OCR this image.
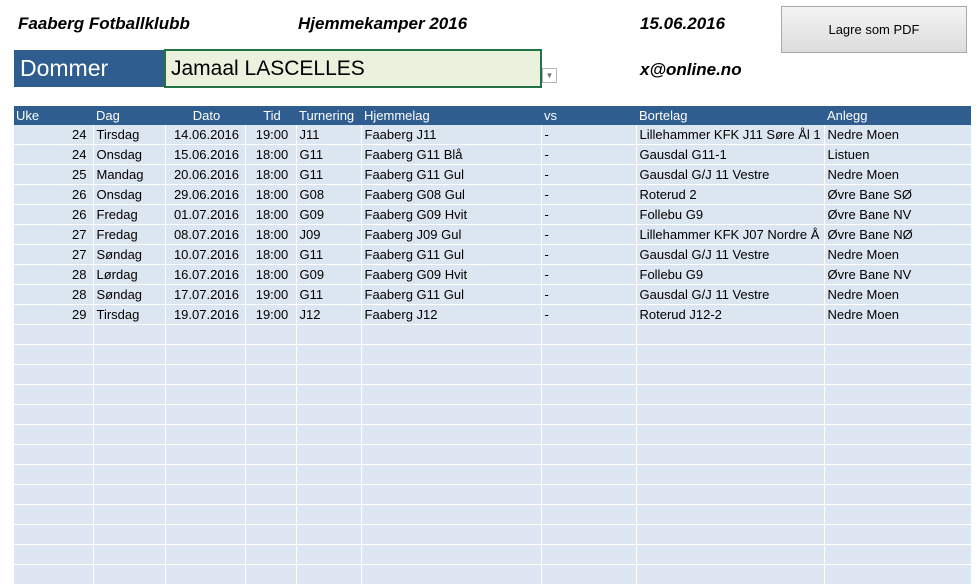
Faaberg Fotballklubb	Hjemmekamper 2016	15.06.2016
x@online.no
Lagre som PDF
Dommer	Jamaal LASCELLES	▼
Uke	Dag	Dato	Tid	Turnering	Hjemmelag	vs	Bortelag	Anlegg
24	Tirsdag	14.06.2016	19:00	J11	Faaberg J11	-	Lillehammer KFK J11 Søre Ål 1	Nedre Moen
24	Onsdag	15.06.2016	18:00	G11	Faaberg G11 Blå	-	Gausdal G11-1	Listuen
25	Mandag	20.06.2016	18:00	G11	Faaberg G11 Gul	-	Gausdal G/J 11 Vestre	Nedre Moen
26	Onsdag	29.06.2016	18:00	G08	Faaberg G08 Gul	-	Roterud 2	Øvre Bane SØ
26	Fredag	01.07.2016	18:00	G09	Faaberg G09 Hvit	-	Follebu G9	Øvre Bane NV
27	Fredag	08.07.2016	18:00	J09	Faaberg J09 Gul	-	Lillehammer KFK J07 Nordre Å	Øvre Bane NØ
27	Søndag	10.07.2016	18:00	G11	Faaberg G11 Gul	-	Gausdal G/J 11 Vestre	Nedre Moen
28	Lørdag	16.07.2016	18:00	G09	Faaberg G09 Hvit	-	Follebu G9	Øvre Bane NV
28	Søndag	17.07.2016	19:00	G11	Faaberg G11 Gul	-	Gausdal G/J 11 Vestre	Nedre Moen
29	Tirsdag	19.07.2016	19:00	J12	Faaberg J12	-	Roterud J12-2	Nedre Moen
